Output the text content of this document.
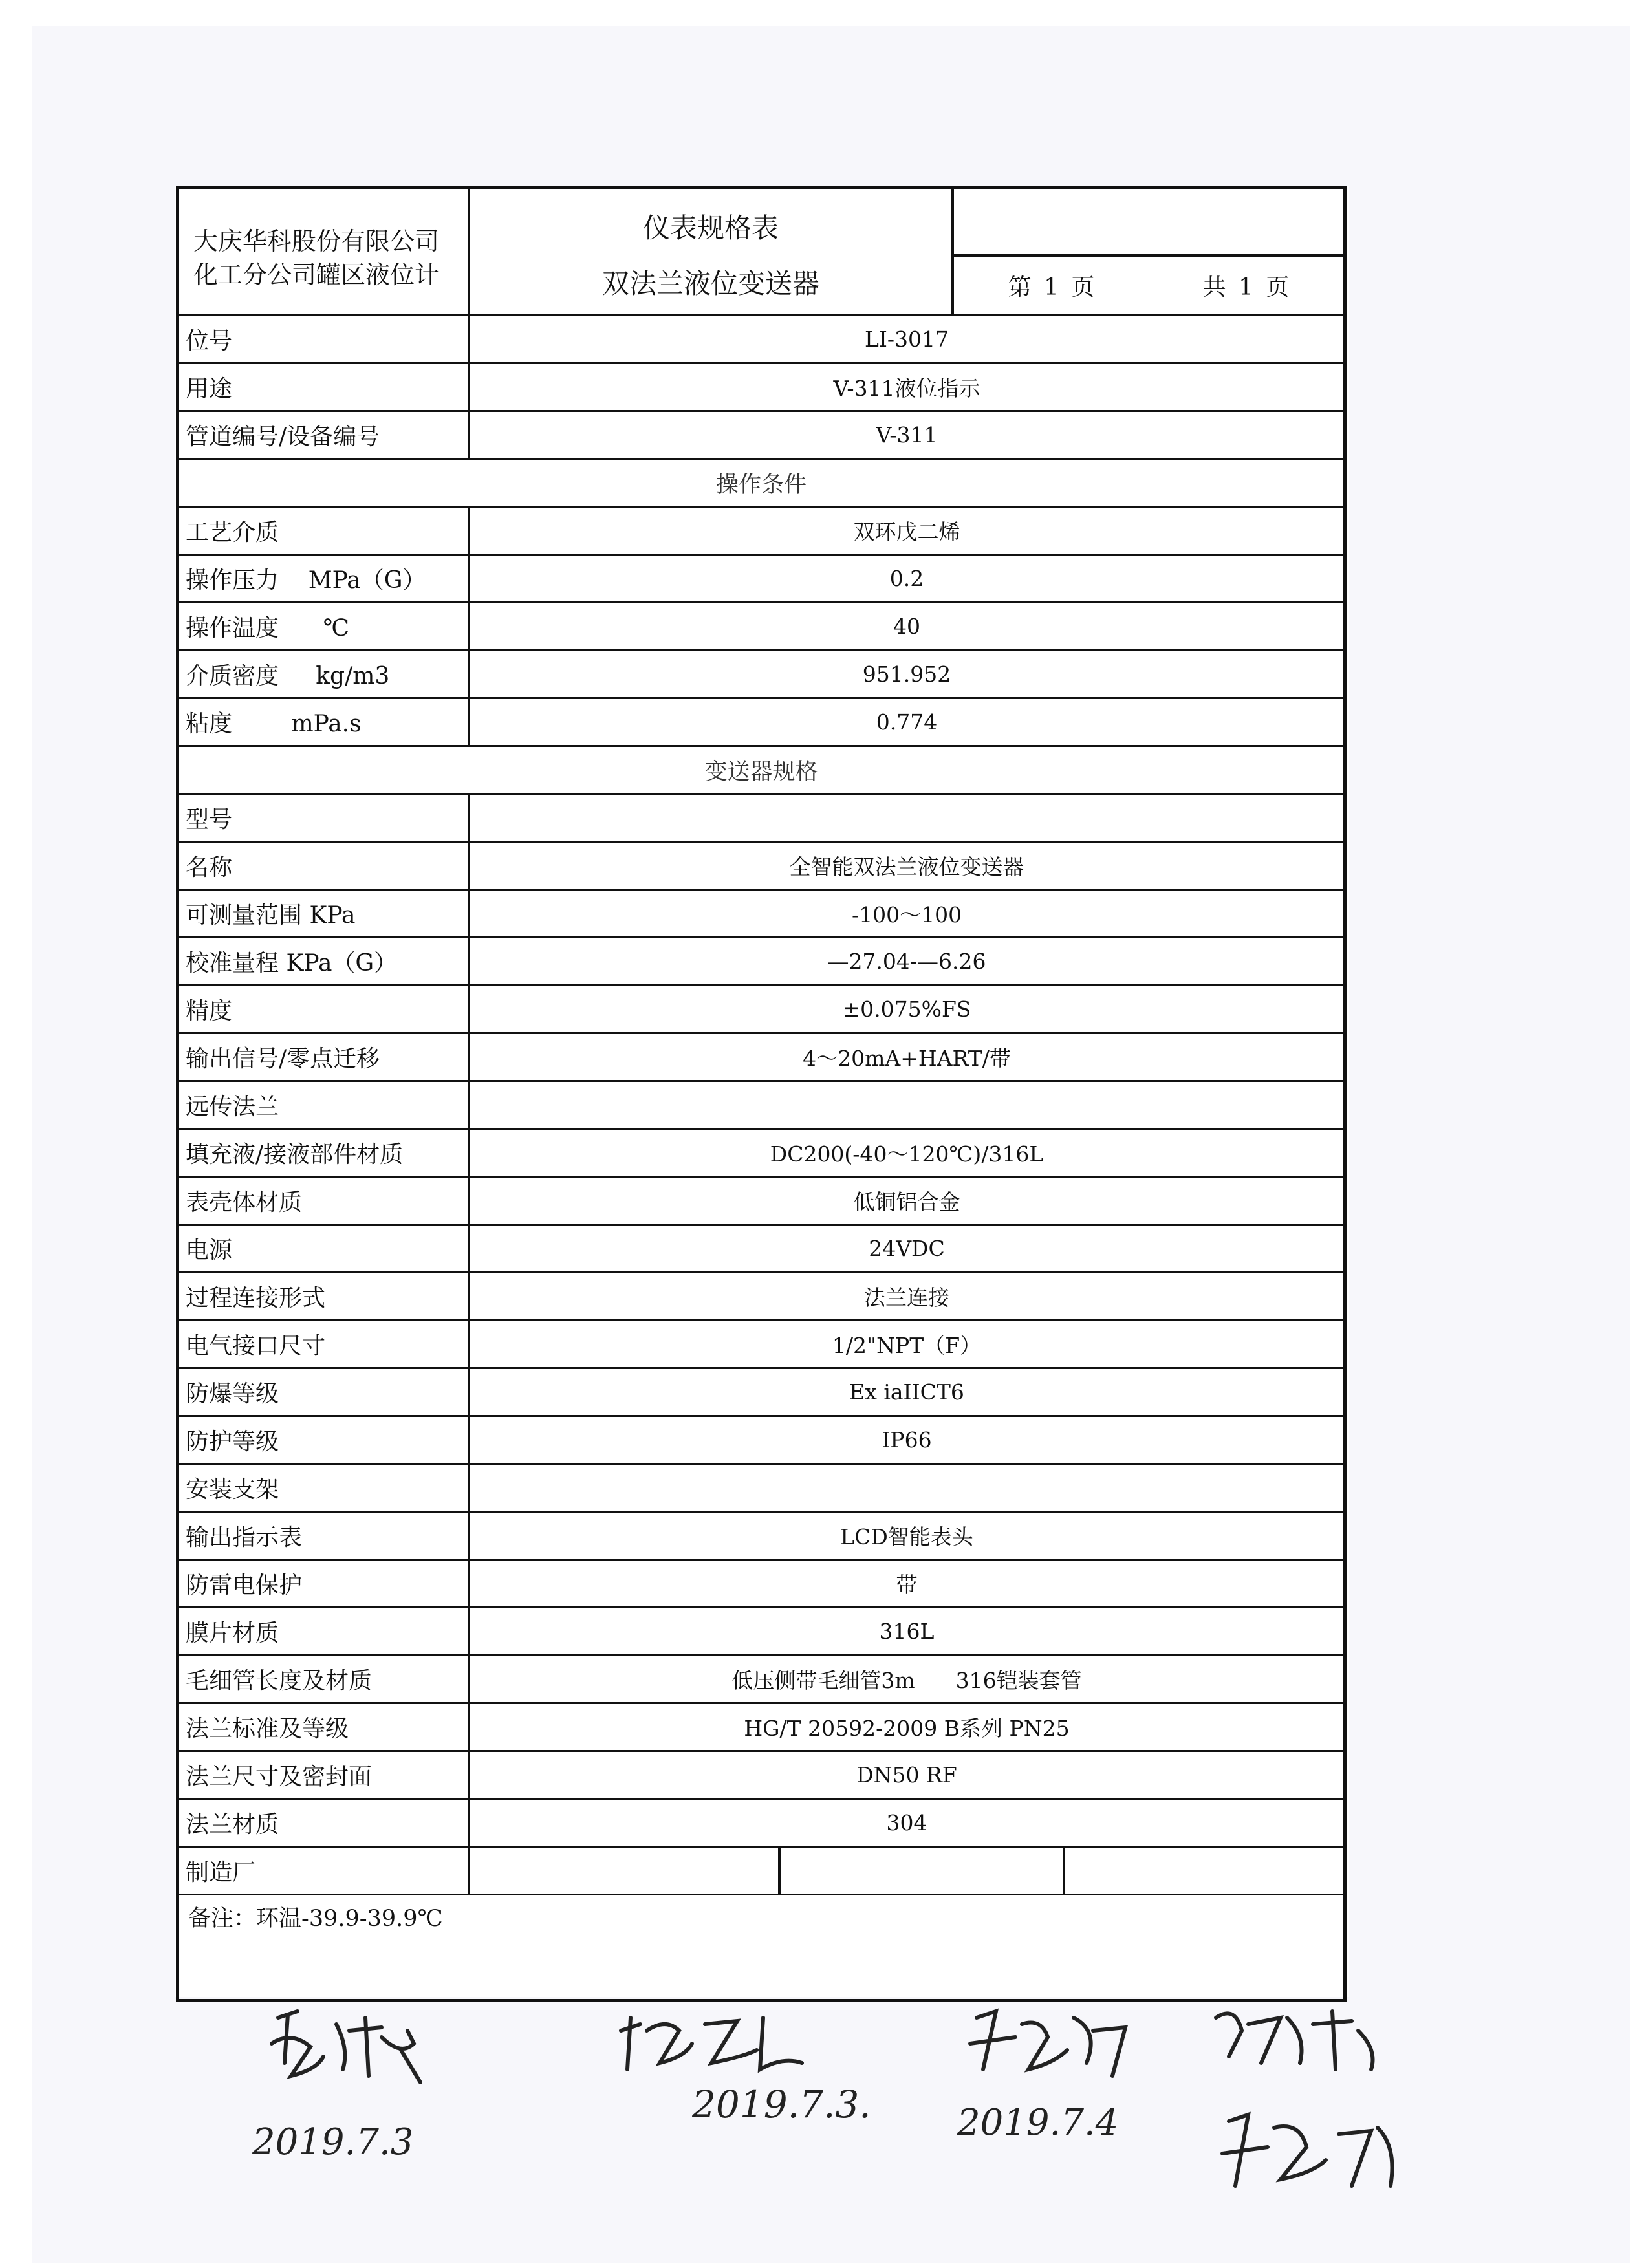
大庆华科股份有限公司
化工分公司罐区液位计
仪表规格表
双法兰液位变送器	第 1 页	共 1 页
位号	LI-3017
用途	V-311液位指示
管道编号/设备编号	V-311
操作条件
工艺介质	双环戊二烯
操作压力    MPa（G）	0.2
操作温度      ℃	40
介质密度     kg/m3	951.952
粘度        mPa.s	0.774
变送器规格
型号
名称	全智能双法兰液位变送器
可测量范围 KPa	-100～100
校准量程 KPa（G）	—27.04-—6.26
精度	±0.075%FS
输出信号/零点迁移	4～20mA+HART/带
远传法兰
填充液/接液部件材质	DC200(-40～120℃)/316L
表壳体材质	低铜铝合金
电源	24VDC
过程连接形式	法兰连接
电气接口尺寸	1/2"NPT（F）
防爆等级	Ex iaIICT6
防护等级	IP66
安装支架
输出指示表	LCD智能表头
防雷电保护	带
膜片材质	316L
毛细管长度及材质	低压侧带毛细管3m      316铠装套管
法兰标准及等级	HG/T 20592-2009 B系列 PN25
法兰尺寸及密封面	DN50 RF
法兰材质	304
制造厂
备注：环温-39.9-39.9℃
2019.7.3
2019.7.3. 2019.7.4
